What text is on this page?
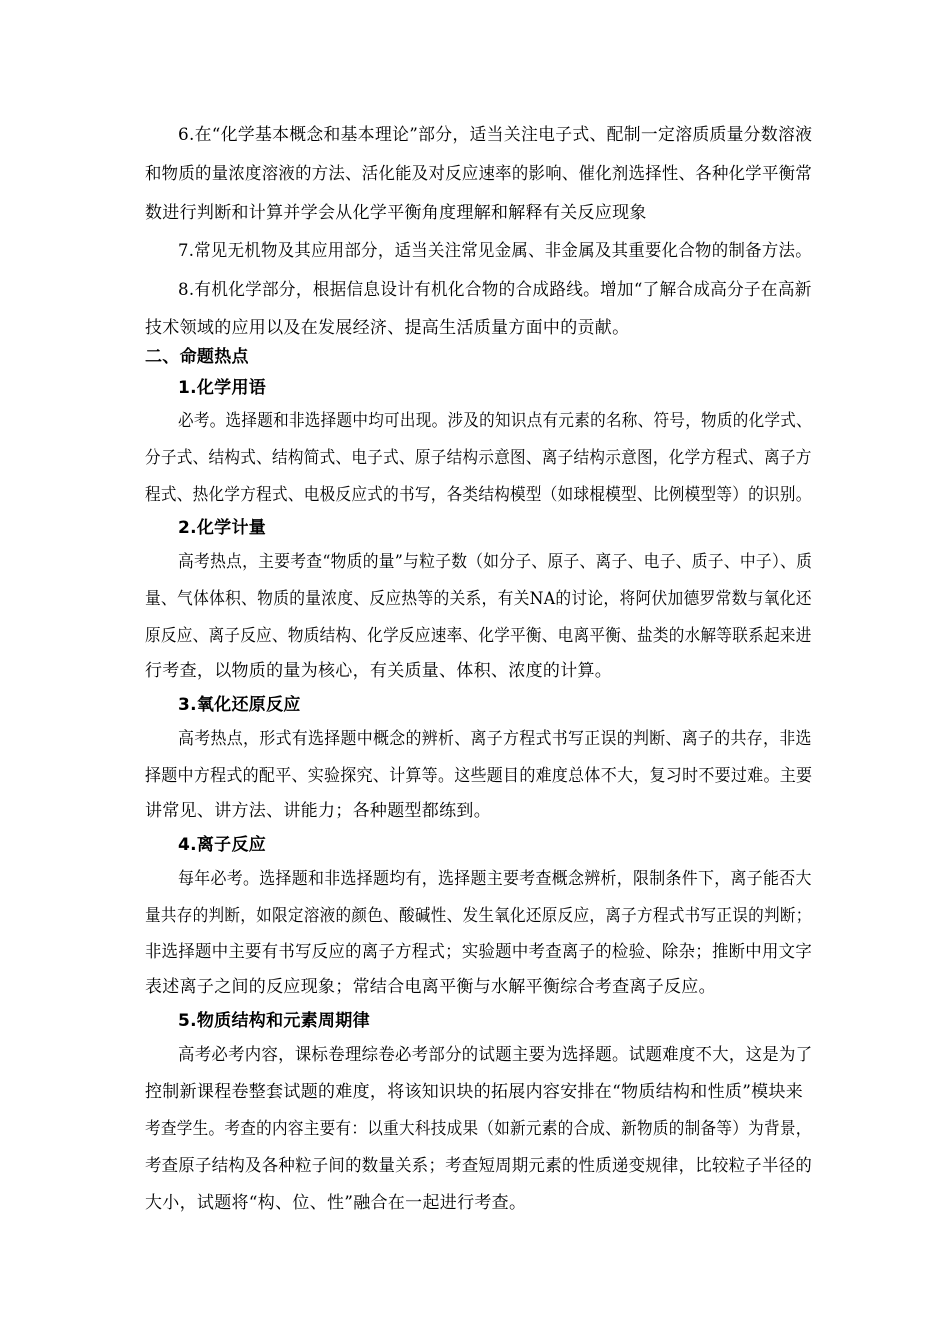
6.在“化学基本概念和基本理论”部分，适当关注电子式、配制一定溶质质量分数溶液
和物质的量浓度溶液的方法、活化能及对反应速率的影响、催化剂选择性、各种化学平衡常
数进行判断和计算并学会从化学平衡角度理解和解释有关反应现象
7.常见无机物及其应用部分，适当关注常见金属、非金属及其重要化合物的制备方法。
8.有机化学部分，根据信息设计有机化合物的合成路线。增加“了解合成高分子在高新
技术领域的应用以及在发展经济、提高生活质量方面中的贡献。
二、命题热点
1.化学用语
必考。选择题和非选择题中均可出现。涉及的知识点有元素的名称、符号，物质的化学式、
分子式、结构式、结构简式、电子式、原子结构示意图、离子结构示意图，化学方程式、离子方
程式、热化学方程式、电极反应式的书写，各类结构模型（如球棍模型、比例模型等）的识别。
2.化学计量
高考热点，主要考查“物质的量”与粒子数（如分子、原子、离子、电子、质子、中子）、质
量、气体体积、物质的量浓度、反应热等的关系，有关NA的讨论，将阿伏加德罗常数与氧化还
原反应、离子反应、物质结构、化学反应速率、化学平衡、电离平衡、盐类的水解等联系起来进
行考查，以物质的量为核心，有关质量、体积、浓度的计算。
3.氧化还原反应
高考热点，形式有选择题中概念的辨析、离子方程式书写正误的判断、离子的共存，非选
择题中方程式的配平、实验探究、计算等。这些题目的难度总体不大，复习时不要过难。主要
讲常见、讲方法、讲能力；各种题型都练到。
4.离子反应
每年必考。选择题和非选择题均有，选择题主要考查概念辨析，限制条件下，离子能否大
量共存的判断，如限定溶液的颜色、酸碱性、发生氧化还原反应，离子方程式书写正误的判断；
非选择题中主要有书写反应的离子方程式；实验题中考查离子的检验、除杂；推断中用文字
表述离子之间的反应现象；常结合电离平衡与水解平衡综合考查离子反应。
5.物质结构和元素周期律
高考必考内容，课标卷理综卷必考部分的试题主要为选择题。试题难度不大，这是为了
控制新课程卷整套试题的难度，将该知识块的拓展内容安排在“物质结构和性质”模块来
考查学生。考查的内容主要有：以重大科技成果（如新元素的合成、新物质的制备等）为背景，
考查原子结构及各种粒子间的数量关系；考查短周期元素的性质递变规律，比较粒子半径的
大小，试题将“构、位、性”融合在一起进行考查。
